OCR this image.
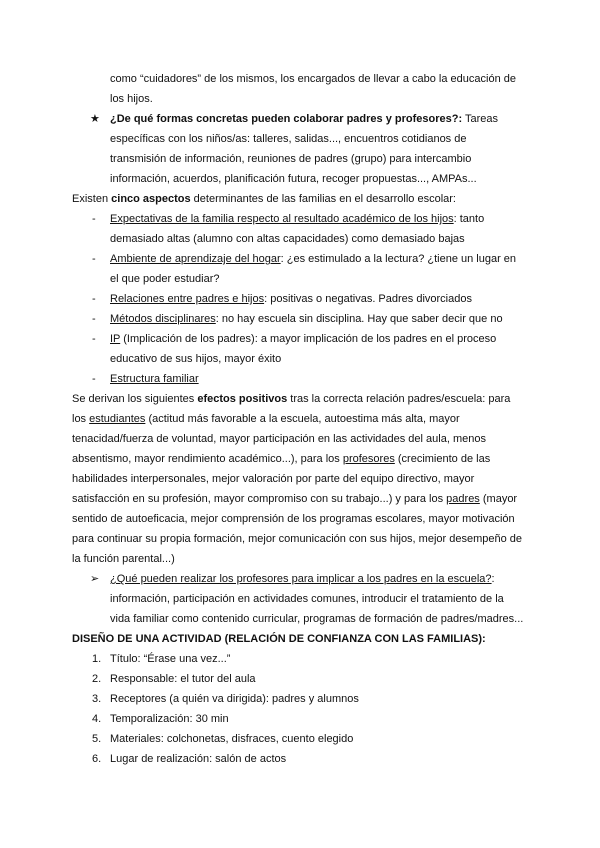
como “cuidadores” de los mismos, los encargados de llevar a cabo la educación de
los hijos.
★ ¿De qué formas concretas pueden colaborar padres y profesores?: Tareas
específicas con los niños/as: talleres, salidas..., encuentros cotidianos de
transmisión de información, reuniones de padres (grupo) para intercambio
información, acuerdos, planificación futura, recoger propuestas..., AMPAs...
Existen cinco aspectos determinantes de las familias en el desarrollo escolar:
- Expectativas de la familia respecto al resultado académico de los hijos: tanto
demasiado altas (alumno con altas capacidades) como demasiado bajas
- Ambiente de aprendizaje del hogar: ¿es estimulado a la lectura? ¿tiene un lugar en
el que poder estudiar?
- Relaciones entre padres e hijos: positivas o negativas. Padres divorciados
- Métodos disciplinares: no hay escuela sin disciplina. Hay que saber decir que no
- IP (Implicación de los padres): a mayor implicación de los padres en el proceso
educativo de sus hijos, mayor éxito
- Estructura familiar
Se derivan los siguientes efectos positivos tras la correcta relación padres/escuela: para
los estudiantes (actitud más favorable a la escuela, autoestima más alta, mayor
tenacidad/fuerza de voluntad, mayor participación en las actividades del aula, menos
absentismo, mayor rendimiento académico...), para los profesores (crecimiento de las
habilidades interpersonales, mejor valoración por parte del equipo directivo, mayor
satisfacción en su profesión, mayor compromiso con su trabajo...) y para los padres (mayor
sentido de autoeficacia, mejor comprensión de los programas escolares, mayor motivación
para continuar su propia formación, mejor comunicación con sus hijos, mejor desempeño de
la función parental...)
➢ ¿Qué pueden realizar los profesores para implicar a los padres en la escuela?:
información, participación en actividades comunes, introducir el tratamiento de la
vida familiar como contenido curricular, programas de formación de padres/madres...
DISEÑO DE UNA ACTIVIDAD (RELACIÓN DE CONFIANZA CON LAS FAMILIAS):
1. Título: “Érase una vez...”
2. Responsable: el tutor del aula
3. Receptores (a quién va dirigida): padres y alumnos
4. Temporalización: 30 min
5. Materiales: colchonetas, disfraces, cuento elegido
6. Lugar de realización: salón de actos
